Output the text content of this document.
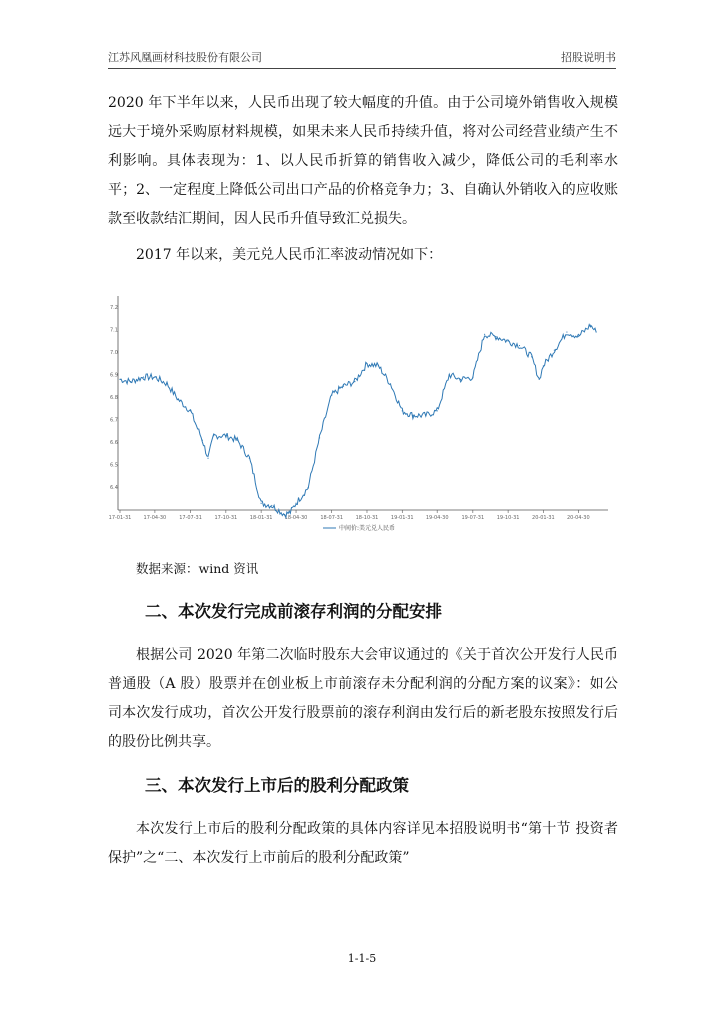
江苏风凰画材科技股份有限公司	招股说明书
2020 年下半年以来，人民币出现了较大幅度的升值。由于公司境外销售收入规模远大于境外采购原材料规模，如果未来人民币持续升值，将对公司经营业绩产生不利影响。具体表现为：1、以人民币折算的销售收入减少，降低公司的毛利率水平；2、一定程度上降低公司出口产品的价格竞争力；3、自确认外销收入的应收账款至收款结汇期间，因人民币升值导致汇兑损失。
2017 年以来，美元兑人民币汇率波动情况如下：
6.4
6.5
6.6
6.7
6.8
6.9
7.0
7.1
7.2
17-01-31 17-04-30	17-07-31	17-10-31	18-01-31 18-04-30	18-07-31	18-10-31	19-01-31 19-04-30	19-07-31	19-10-31	20-01-31 20-04-30
中间价:美元兑人民币
数据来源：wind 资讯
二、本次发行完成前滚存利润的分配安排
根据公司 2020 年第二次临时股东大会审议通过的《关于首次公开发行人民币普通股（A 股）股票并在创业板上市前滚存未分配利润的分配方案的议案》：如公司本次发行成功，首次公开发行股票前的滚存利润由发行后的新老股东按照发行后的股份比例共享。
三、本次发行上市后的股利分配政策
本次发行上市后的股利分配政策的具体内容详见本招股说明书“第十节 投资者保护”之“二、本次发行上市前后的股利分配政策”
1-1-5
